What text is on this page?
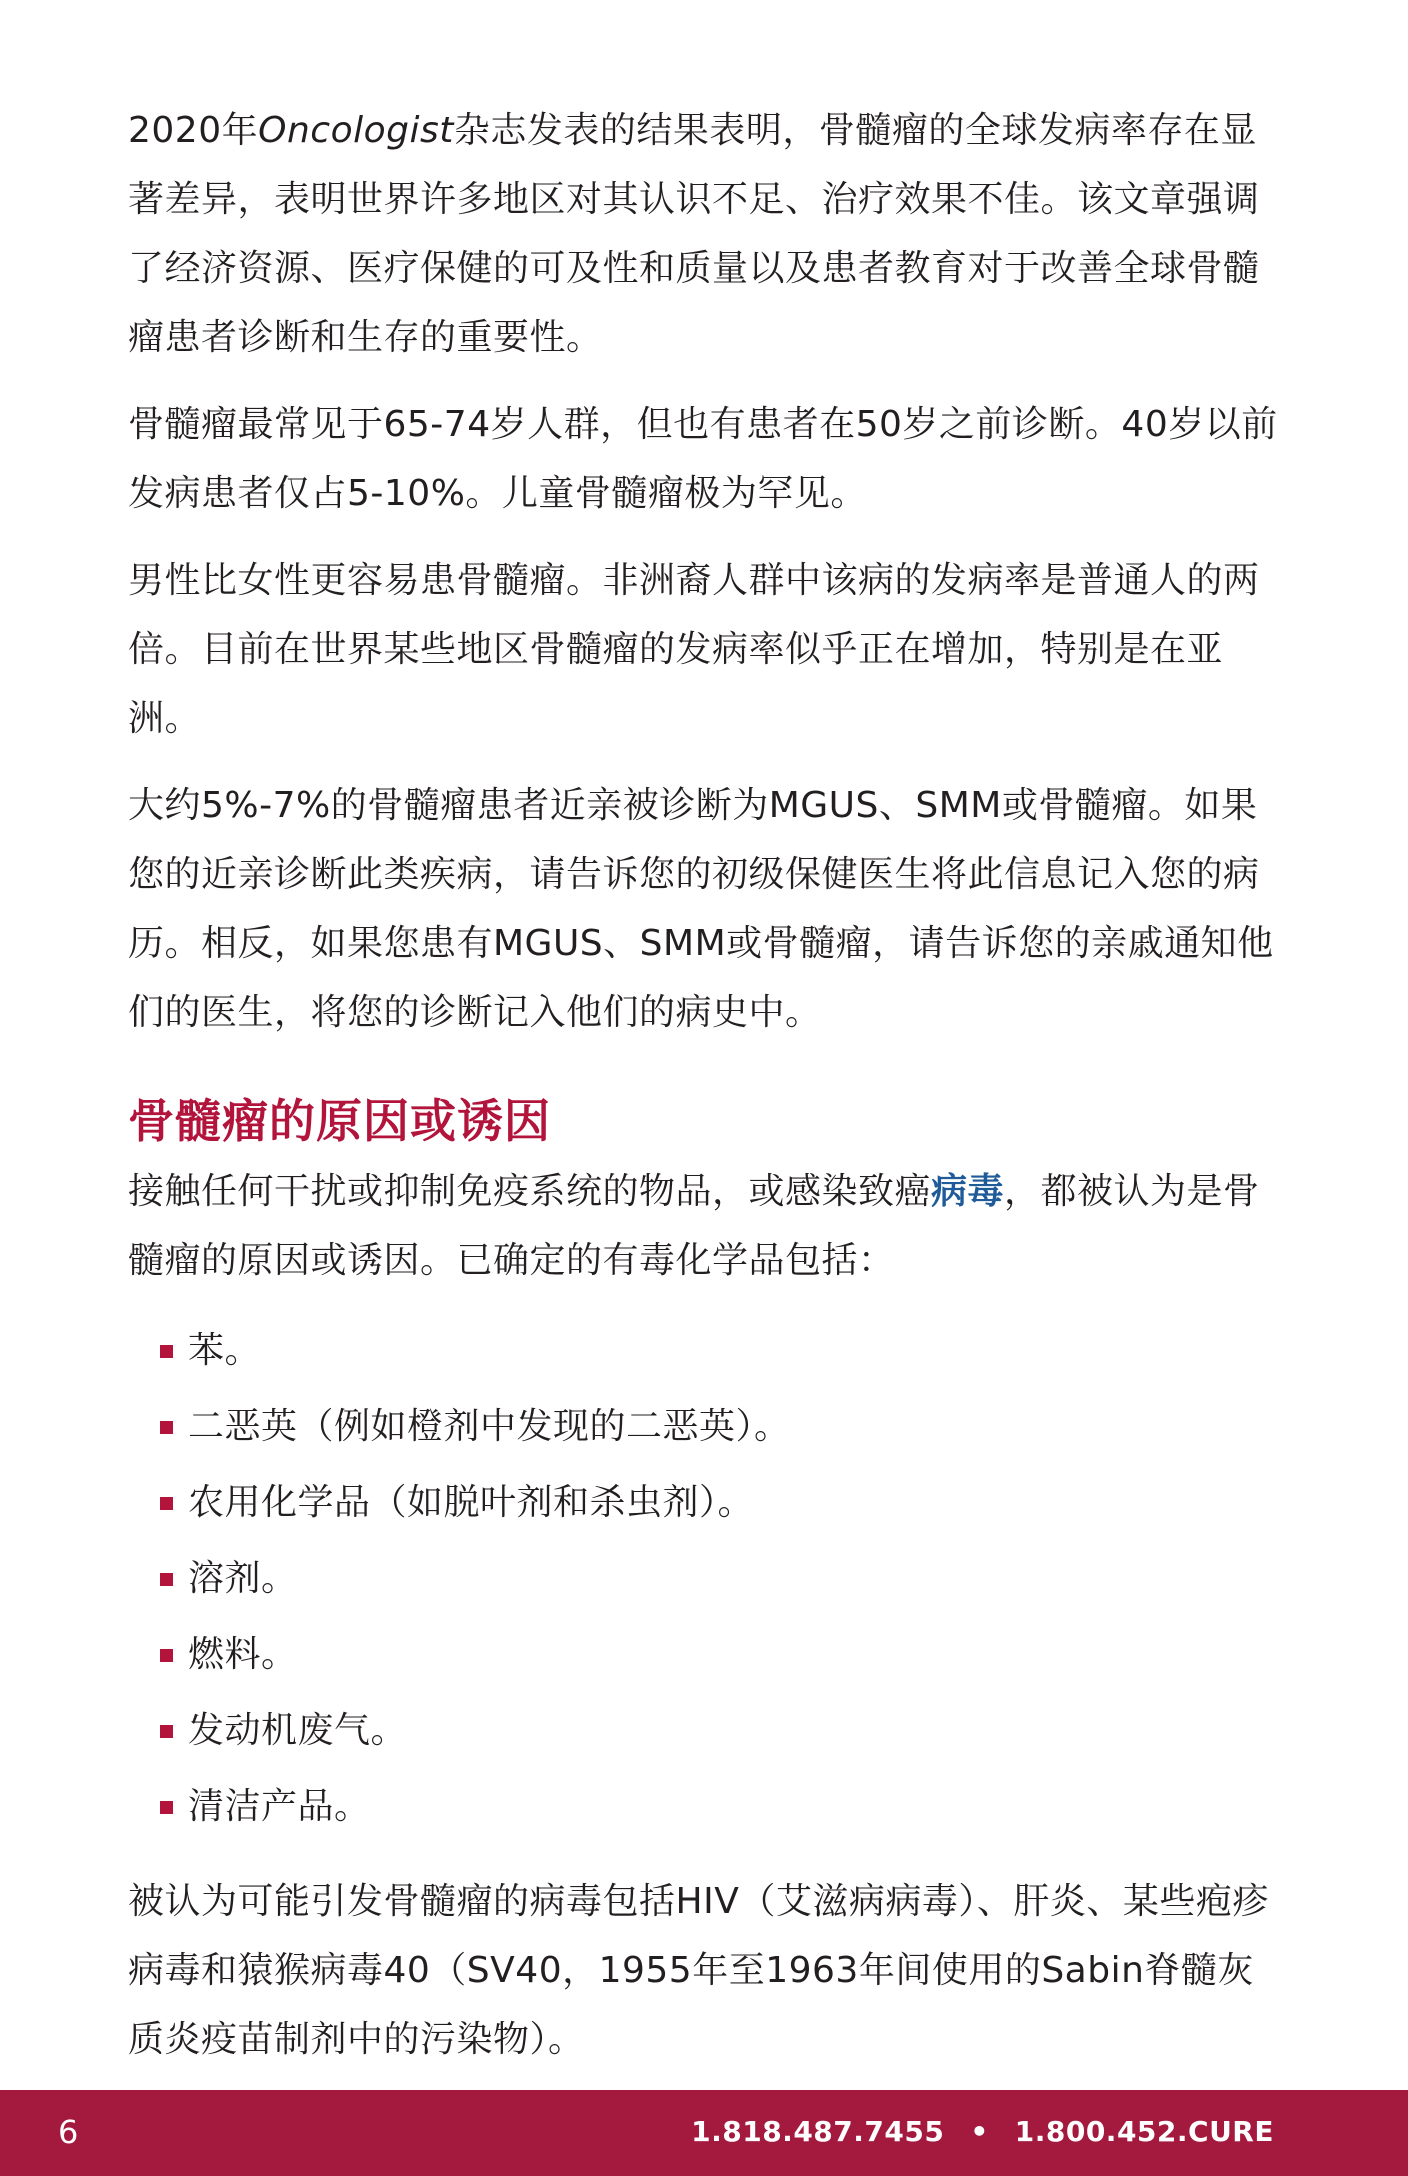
2020年Oncologist杂志发表的结果表明，骨髓瘤的全球发病率存在显著差异，表明世界许多地区对其认识不足、治疗效果不佳。该文章强调了经济资源、医疗保健的可及性和质量以及患者教育对于改善全球骨髓瘤患者诊断和生存的重要性。

骨髓瘤最常见于65-74岁人群，但也有患者在50岁之前诊断。40岁以前发病患者仅占5-10%。儿童骨髓瘤极为罕见。

男性比女性更容易患骨髓瘤。非洲裔人群中该病的发病率是普通人的两倍。目前在世界某些地区骨髓瘤的发病率似乎正在增加，特别是在亚洲。

大约5%-7%的骨髓瘤患者近亲被诊断为MGUS、SMM或骨髓瘤。如果您的近亲诊断此类疾病，请告诉您的初级保健医生将此信息记入您的病历。相反，如果您患有MGUS、SMM或骨髓瘤，请告诉您的亲戚通知他们的医生，将您的诊断记入他们的病史中。

骨髓瘤的原因或诱因

接触任何干扰或抑制免疫系统的物品，或感染致癌病毒，都被认为是骨髓瘤的原因或诱因。已确定的有毒化学品包括：

苯。
二恶英（例如橙剂中发现的二恶英）。
农用化学品（如脱叶剂和杀虫剂）。
溶剂。
燃料。
发动机废气。
清洁产品。

被认为可能引发骨髓瘤的病毒包括HIV（艾滋病病毒）、肝炎、某些疱疹病毒和猿猴病毒40（SV40，1955年至1963年间使用的Sabin脊髓灰质炎疫苗制剂中的污染物）。

6	1.818.487.7455 • 1.800.452.CURE
